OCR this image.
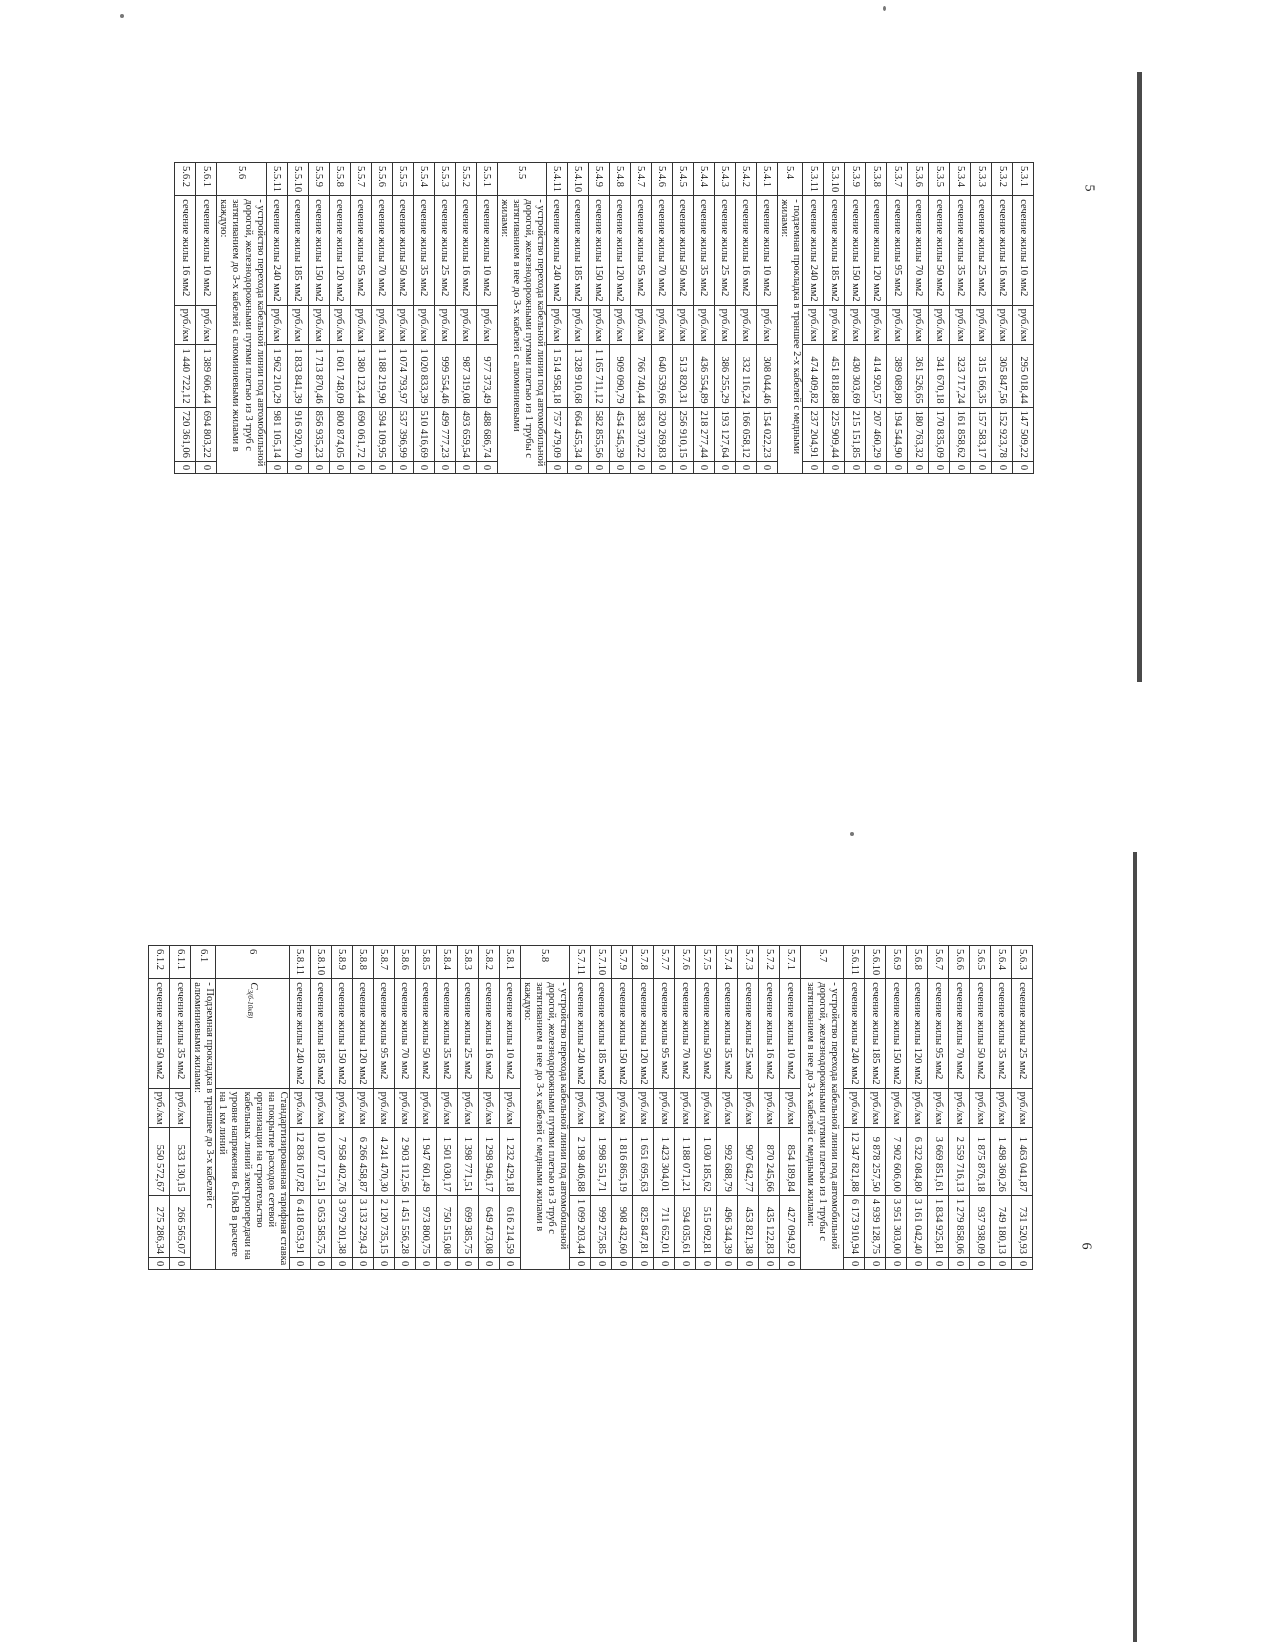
5
6
5.3.1	сечение жилы 10 мм2	руб./км	295 018,44	147 509,22	0
5.3.2	сечение жилы 16 мм2	руб./км	305 847,56	152 923,78	0
5.3.3	сечение жилы 25 мм2	руб./км	315 166,35	157 583,17	0
5.3.4	сечение жилы 35 мм2	руб./км	323 717,24	161 858,62	0
5.3.5	сечение жилы 50 мм2	руб./км	341 670,18	170 835,09	0
5.3.6	сечение жилы 70 мм2	руб./км	361 526,65	180 763,32	0
5.3.7	сечение жилы 95 мм2	руб./км	389 089,80	194 544,90	0
5.3.8	сечение жилы 120 мм2	руб./км	414 920,57	207 460,29	0
5.3.9	сечение жилы 150 мм2	руб./км	430 303,69	215 151,85	0
5.3.10	сечение жилы 185 мм2	руб./км	451 818,88	225 909,44	0
5.3.11	сечение жилы 240 мм2	руб./км	474 409,82	237 204,91	0
5.4	- подземная прокладка в траншее 2-х кабелей с медными жилами:				
5.4.1	сечение жилы 10 мм2	руб./км	308 044,46	154 022,23	0
5.4.2	сечение жилы 16 мм2	руб./км	332 116,24	166 058,12	0
5.4.3	сечение жилы 25 мм2	руб./км	386 255,29	193 127,64	0
5.4.4	сечение жилы 35 мм2	руб./км	436 554,89	218 277,44	0
5.4.5	сечение жилы 50 мм2	руб./км	513 820,31	256 910,15	0
5.4.6	сечение жилы 70 мм2	руб./км	640 539,66	320 269,83	0
5.4.7	сечение жилы 95 мм2	руб./км	766 740,44	383 370,22	0
5.4.8	сечение жилы 120 мм2	руб./км	909 090,79	454 545,39	0
5.4.9	сечение жилы 150 мм2	руб./км	1 165 711,12	582 855,56	0
5.4.10	сечение жилы 185 мм2	руб./км	1 328 910,68	664 455,34	0
5.4.11	сечение жилы 240 мм2	руб./км	1 514 958,18	757 479,09	0
5.5	- устройство перехода кабельной линии под автомобильной дорогой, железнодорожными путями плетью из 1 трубы с затягиванием в нее до 3-х кабелей с алюминиевыми жилами:				
5.5.1	сечение жилы 10 мм2	руб./км	977 373,49	488 686,74	0
5.5.2	сечение жилы 16 мм2	руб./км	987 319,08	493 659,54	0
5.5.3	сечение жилы 25 мм2	руб./км	999 554,46	499 777,23	0
5.5.4	сечение жилы 35 мм2	руб./км	1 020 833,39	510 416,69	0
5.5.5	сечение жилы 50 мм2	руб./км	1 074 793,97	537 396,99	0
5.5.6	сечение жилы 70 мм2	руб./км	1 188 219,90	594 109,95	0
5.5.7	сечение жилы 95 мм2	руб./км	1 380 123,44	690 061,72	0
5.5.8	сечение жилы 120 мм2	руб./км	1 601 748,09	800 874,05	0
5.5.9	сечение жилы 150 мм2	руб./км	1 713 870,46	856 935,23	0
5.5.10	сечение жилы 185 мм2	руб./км	1 833 841,39	916 920,70	0
5.5.11	сечение жилы 240 мм2	руб./км	1 962 210,29	981 105,14	0
5.6	- устройство перехода кабельной линии под автомобильной дорогой, железнодорожными путями плетью из 3 труб с затягиванием до 3-х кабелей с алюминиевыми жилами в каждую:				
5.6.1	сечение жилы 10 мм2	руб./км	1 389 606,44	694 803,22	0
5.6.2	сечение жилы 16 мм2	руб./км	1 440 722,12	720 361,06	0
5.6.3	сечение жилы 25 мм2	руб./км	1 463 041,87	731 520,93	0
5.6.4	сечение жилы 35 мм2	руб./км	1 498 360,26	749 180,13	0
5.6.5	сечение жилы 50 мм2	руб./км	1 875 876,18	937 938,09	0
5.6.6	сечение жилы 70 мм2	руб./км	2 559 716,13	1 279 858,06	0
5.6.7	сечение жилы 95 мм2	руб./км	3 669 851,61	1 834 925,81	0
5.6.8	сечение жилы 120 мм2	руб./км	6 322 084,80	3 161 042,40	0
5.6.9	сечение жилы 150 мм2	руб./км	7 902 606,00	3 951 303,00	0
5.6.10	сечение жилы 185 мм2	руб./км	9 878 257,50	4 939 128,75	0
5.6.11	сечение жилы 240 мм2	руб./км	12 347 821,88	6 173 910,94	0
5.7	- устройство перехода кабельной линии под автомобильной дорогой, железнодорожными путями плетью из 1 трубы с затягиванием в нее до 3-х кабелей с медными жилами:				
5.7.1	сечение жилы 10 мм2	руб./км	854 189,84	427 094,92	0
5.7.2	сечение жилы 16 мм2	руб./км	870 245,66	435 122,83	0
5.7.3	сечение жилы 25 мм2	руб./км	907 642,77	453 821,38	0
5.7.4	сечение жилы 35 мм2	руб./км	992 688,79	496 344,39	0
5.7.5	сечение жилы 50 мм2	руб./км	1 030 185,62	515 092,81	0
5.7.6	сечение жилы 70 мм2	руб./км	1 188 071,21	594 035,61	0
5.7.7	сечение жилы 95 мм2	руб./км	1 423 304,01	711 652,01	0
5.7.8	сечение жилы 120 мм2	руб./км	1 651 695,63	825 847,81	0
5.7.9	сечение жилы 150 мм2	руб./км	1 816 865,19	908 432,60	0
5.7.10	сечение жилы 185 мм2	руб./км	1 998 551,71	999 275,85	0
5.7.11	сечение жилы 240 мм2	руб./км	2 198 406,88	1 099 203,44	0
5.8	- устройство перехода кабельной линии под автомобильной дорогой, железнодорожными путями плетью из 3 труб с затягиванием в нее до 3-х кабелей с медными жилами в каждую:				
5.8.1	сечение жилы 10 мм2	руб./км	1 232 429,18	616 214,59	0
5.8.2	сечение жилы 16 мм2	руб./км	1 298 946,17	649 473,08	0
5.8.3	сечение жилы 25 мм2	руб./км	1 398 771,51	699 385,75	0
5.8.4	сечение жилы 35 мм2	руб./км	1 501 030,17	750 515,08	0
5.8.5	сечение жилы 50 мм2	руб./км	1 947 601,49	973 800,75	0
5.8.6	сечение жилы 70 мм2	руб./км	2 903 112,56	1 451 556,28	0
5.8.7	сечение жилы 95 мм2	руб./км	4 241 470,30	2 120 735,15	0
5.8.8	сечение жилы 120 мм2	руб./км	6 266 458,87	3 133 229,43	0
5.8.9	сечение жилы 150 мм2	руб./км	7 958 402,76	3 979 201,38	0
5.8.10	сечение жилы 185 мм2	руб./км	10 107 171,51	5 053 585,75	0
5.8.11	сечение жилы 240 мм2	руб./км	12 836 107,82	6 418 053,91	0
6	$C_{3(б-10кВ)}$	Стандартизированная тарифная ставка на покрытие расходов сетевой организации на строительство кабельных линий электропередачи на уровне напряжения 6-10кВ в расчете на 1 км линий			
6.1	- Подземная прокладка в траншее до 3-х кабелей с алюминиевыми жилами:				
6.1.1	сечение жилы 35 мм2	руб./км	533 130,15	266 565,07	0
6.1.2	сечение жилы 50 мм2	руб./км	550 572,67	275 286,34	0
